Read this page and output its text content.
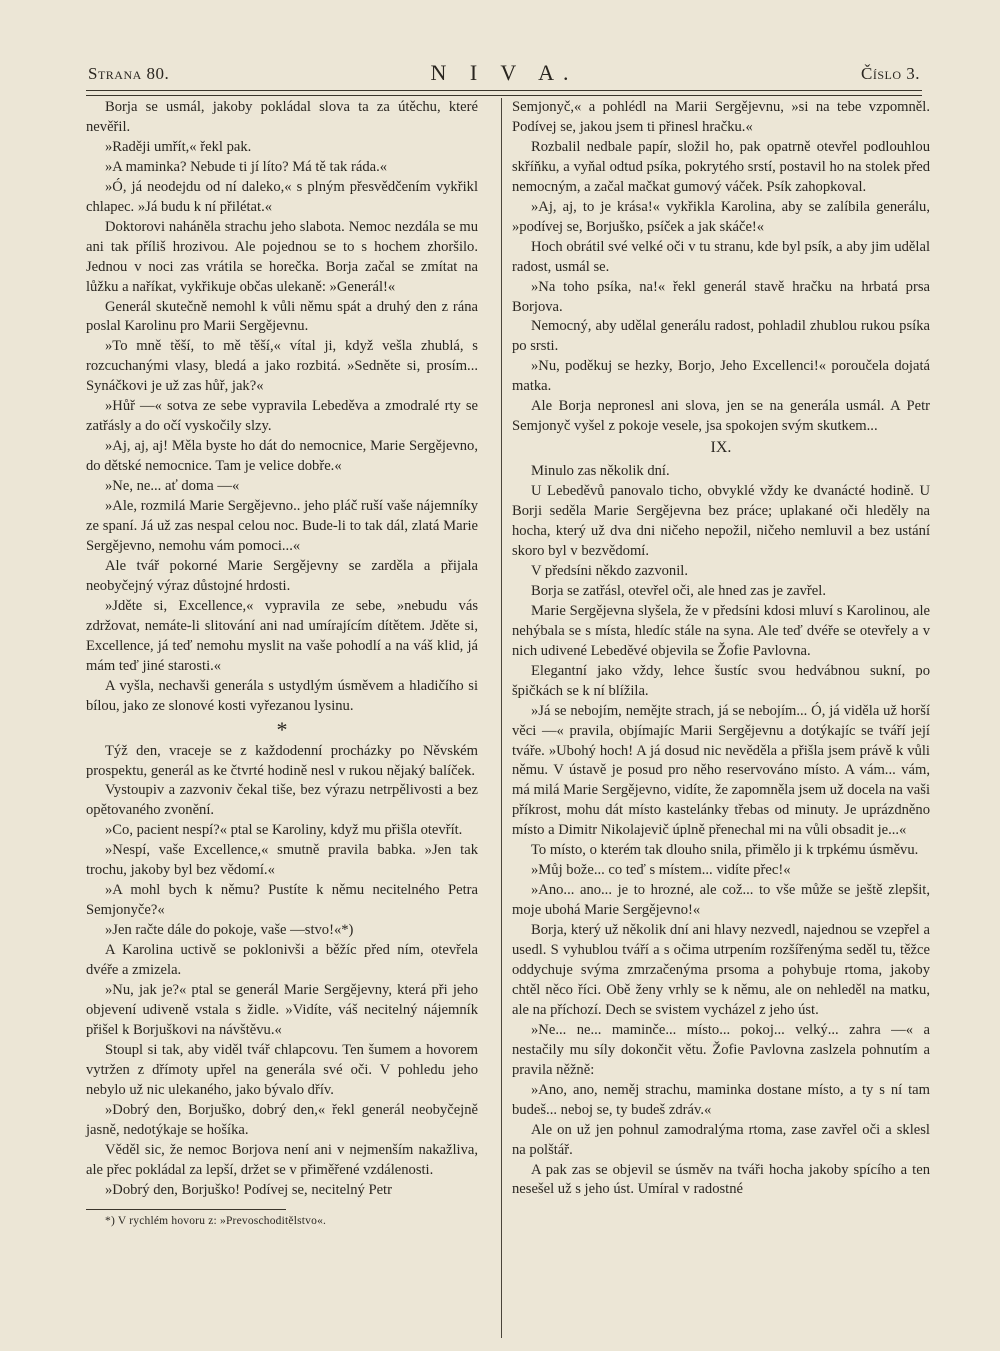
Strana 80.	N I V A.	Číslo 3.

Borja se usmál, jakoby pokládal slova ta za útěchu, které nevěřil.

»Raději umřít,« řekl pak.

»A maminka? Nebude ti jí líto? Má tě tak ráda.«

»Ó, já neodejdu od ní daleko,« s plným přesvědčením vykřikl chlapec. »Já budu k ní přilétat.«

Doktorovi naháněla strachu jeho slabota. Nemoc nezdála se mu ani tak příliš hrozivou. Ale pojednou se to s hochem zhoršilo. Jednou v noci zas vrátila se horečka. Borja začal se zmítat na lůžku a naříkat, vykřikuje občas ulekaně: »Generál!«

Generál skutečně nemohl k vůli němu spát a druhý den z rána poslal Karolinu pro Marii Sergějevnu.

»To mně těší, to mě těší,« vítal ji, když vešla zhublá, s rozcuchanými vlasy, bledá a jako rozbitá. »Sedněte si, prosím... Synáčkovi je už zas hůř, jak?«

»Hůř —« sotva ze sebe vypravila Lebeděva a zmodralé rty se zatřásly a do očí vyskočily slzy.

»Aj, aj, aj! Měla byste ho dát do nemocnice, Marie Sergějevno, do dětské nemocnice. Tam je velice dobře.«

»Ne, ne... ať doma —«

»Ale, rozmilá Marie Sergějevno.. jeho pláč ruší vaše nájemníky ze spaní. Já už zas nespal celou noc. Bude-li to tak dál, zlatá Marie Sergějevno, nemohu vám pomoci...«

Ale tvář pokorné Marie Sergějevny se zarděla a přijala neobyčejný výraz důstojné hrdosti.

»Jděte si, Excellence,« vypravila ze sebe, »nebudu vás zdržovat, nemáte-li slitování ani nad umírajícím dítětem. Jděte si, Excellence, já teď nemohu myslit na vaše pohodlí a na váš klid, já mám teď jiné starosti.«

A vyšla, nechavši generála s ustydlým úsměvem a hladičího si bílou, jako ze slonové kosti vyřezanou lysinu.

*

Týž den, vraceje se z každodenní procházky po Něvském prospektu, generál as ke čtvrté hodině nesl v rukou nějaký balíček.

Vystoupiv a zazvoniv čekal tiše, bez výrazu netrpělivosti a bez opětovaného zvonění.

»Co, pacient nespí?« ptal se Karoliny, když mu přišla otevřít.

»Nespí, vaše Excellence,« smutně pravila babka. »Jen tak trochu, jakoby byl bez vědomí.«

»A mohl bych k němu? Pustíte k němu necitelného Petra Semjonyče?«

»Jen račte dále do pokoje, vaše —stvo!«*)

A Karolina uctivě se poklonivši a běžíc před ním, otevřela dvéře a zmizela.

»Nu, jak je?« ptal se generál Marie Sergějevny, která při jeho objevení udiveně vstala s židle. »Vidíte, váš necitelný nájemník přišel k Borjuškovi na návštěvu.«

Stoupl si tak, aby viděl tvář chlapcovu. Ten šumem a hovorem vytržen z dřímoty upřel na generála své oči. V pohledu jeho nebylo už nic ulekaného, jako bývalo dřív.

»Dobrý den, Borjuško, dobrý den,« řekl generál neobyčejně jasně, nedotýkaje se hošíka.

Věděl sic, že nemoc Borjova není ani v nejmenším nakažliva, ale přec pokládal za lepší, držet se v přiměřené vzdálenosti.

»Dobrý den, Borjuško! Podívej se, necitelný Petr

*) V rychlém hovoru z: »Prevoschoditělstvo«.

Semjonyč,« a pohlédl na Marii Sergějevnu, »si na tebe vzpomněl. Podívej se, jakou jsem ti přinesl hračku.«

Rozbalil nedbale papír, složil ho, pak opatrně otevřel podlouhlou skříňku, a vyňal odtud psíka, pokrytého srstí, postavil ho na stolek před nemocným, a začal mačkat gumový váček. Psík zahopkoval.

»Aj, aj, to je krása!« vykřikla Karolina, aby se zalíbila generálu, »podívej se, Borjuško, psíček a jak skáče!«

Hoch obrátil své velké oči v tu stranu, kde byl psík, a aby jim udělal radost, usmál se.

»Na toho psíka, na!« řekl generál stavě hračku na hrbatá prsa Borjova.

Nemocný, aby udělal generálu radost, pohladil zhublou rukou psíka po srsti.

»Nu, poděkuj se hezky, Borjo, Jeho Excellenci!« poroučela dojatá matka.

Ale Borja nepronesl ani slova, jen se na generála usmál. A Petr Semjonyč vyšel z pokoje vesele, jsa spokojen svým skutkem...

IX.

Minulo zas několik dní.

U Lebeděvů panovalo ticho, obvyklé vždy ke dvanácté hodině. U Borji seděla Marie Sergějevna bez práce; uplakané oči hleděly na hocha, který už dva dni ničeho nepožil, ničeho nemluvil a bez ustání skoro byl v bezvědomí.

V předsíni někdo zazvonil.

Borja se zatřásl, otevřel oči, ale hned zas je zavřel.

Marie Sergějevna slyšela, že v předsíni kdosi mluví s Karolinou, ale nehýbala se s místa, hledíc stále na syna. Ale teď dvéře se otevřely a v nich udivené Lebeděvé objevila se Žofie Pavlovna.

Elegantní jako vždy, lehce šustíc svou hedvábnou sukní, po špičkách se k ní blížila.

»Já se nebojím, nemějte strach, já se nebojím... Ó, já viděla už horší věci —« pravila, objímajíc Marii Sergějevnu a dotýkajíc se tváří její tváře. »Ubohý hoch! A já dosud nic nevěděla a přišla jsem právě k vůli němu. V ústavě je posud pro něho reservováno místo. A vám... vám, má milá Marie Sergějevno, vidíte, že zapomněla jsem už docela na vaši příkrost, mohu dát místo kastelánky třebas od minuty. Je uprázdněno místo a Dimitr Nikolajevič úplně přenechal mi na vůli obsadit je...«

To místo, o kterém tak dlouho snila, přimělo ji k trpkému úsměvu.

»Můj bože... co teď s místem... vidíte přec!«

»Ano... ano... je to hrozné, ale což... to vše může se ještě zlepšit, moje ubohá Marie Sergějevno!«

Borja, který už několik dní ani hlavy nezvedl, najednou se vzepřel a usedl. S vyhublou tváří a s očima utrpením rozšířenýma seděl tu, těžce oddychuje svýma zmrzačenýma prsoma a pohybuje rtoma, jakoby chtěl něco říci. Obě ženy vrhly se k němu, ale on nehleděl na matku, ale na příchozí. Dech se svistem vycházel z jeho úst.

»Ne... ne... maminče... místo... pokoj... velký... zahra —« a nestačily mu síly dokončit větu. Žofie Pavlovna zaslzela pohnutím a pravila něžně:

»Ano, ano, neměj strachu, maminka dostane místo, a ty s ní tam budeš... neboj se, ty budeš zdráv.«

Ale on už jen pohnul zamodralýma rtoma, zase zavřel oči a sklesl na polštář.

A pak zas se objevil se úsměv na tváři hocha jakoby spícího a ten nesešel už s jeho úst. Umíral v radostné
